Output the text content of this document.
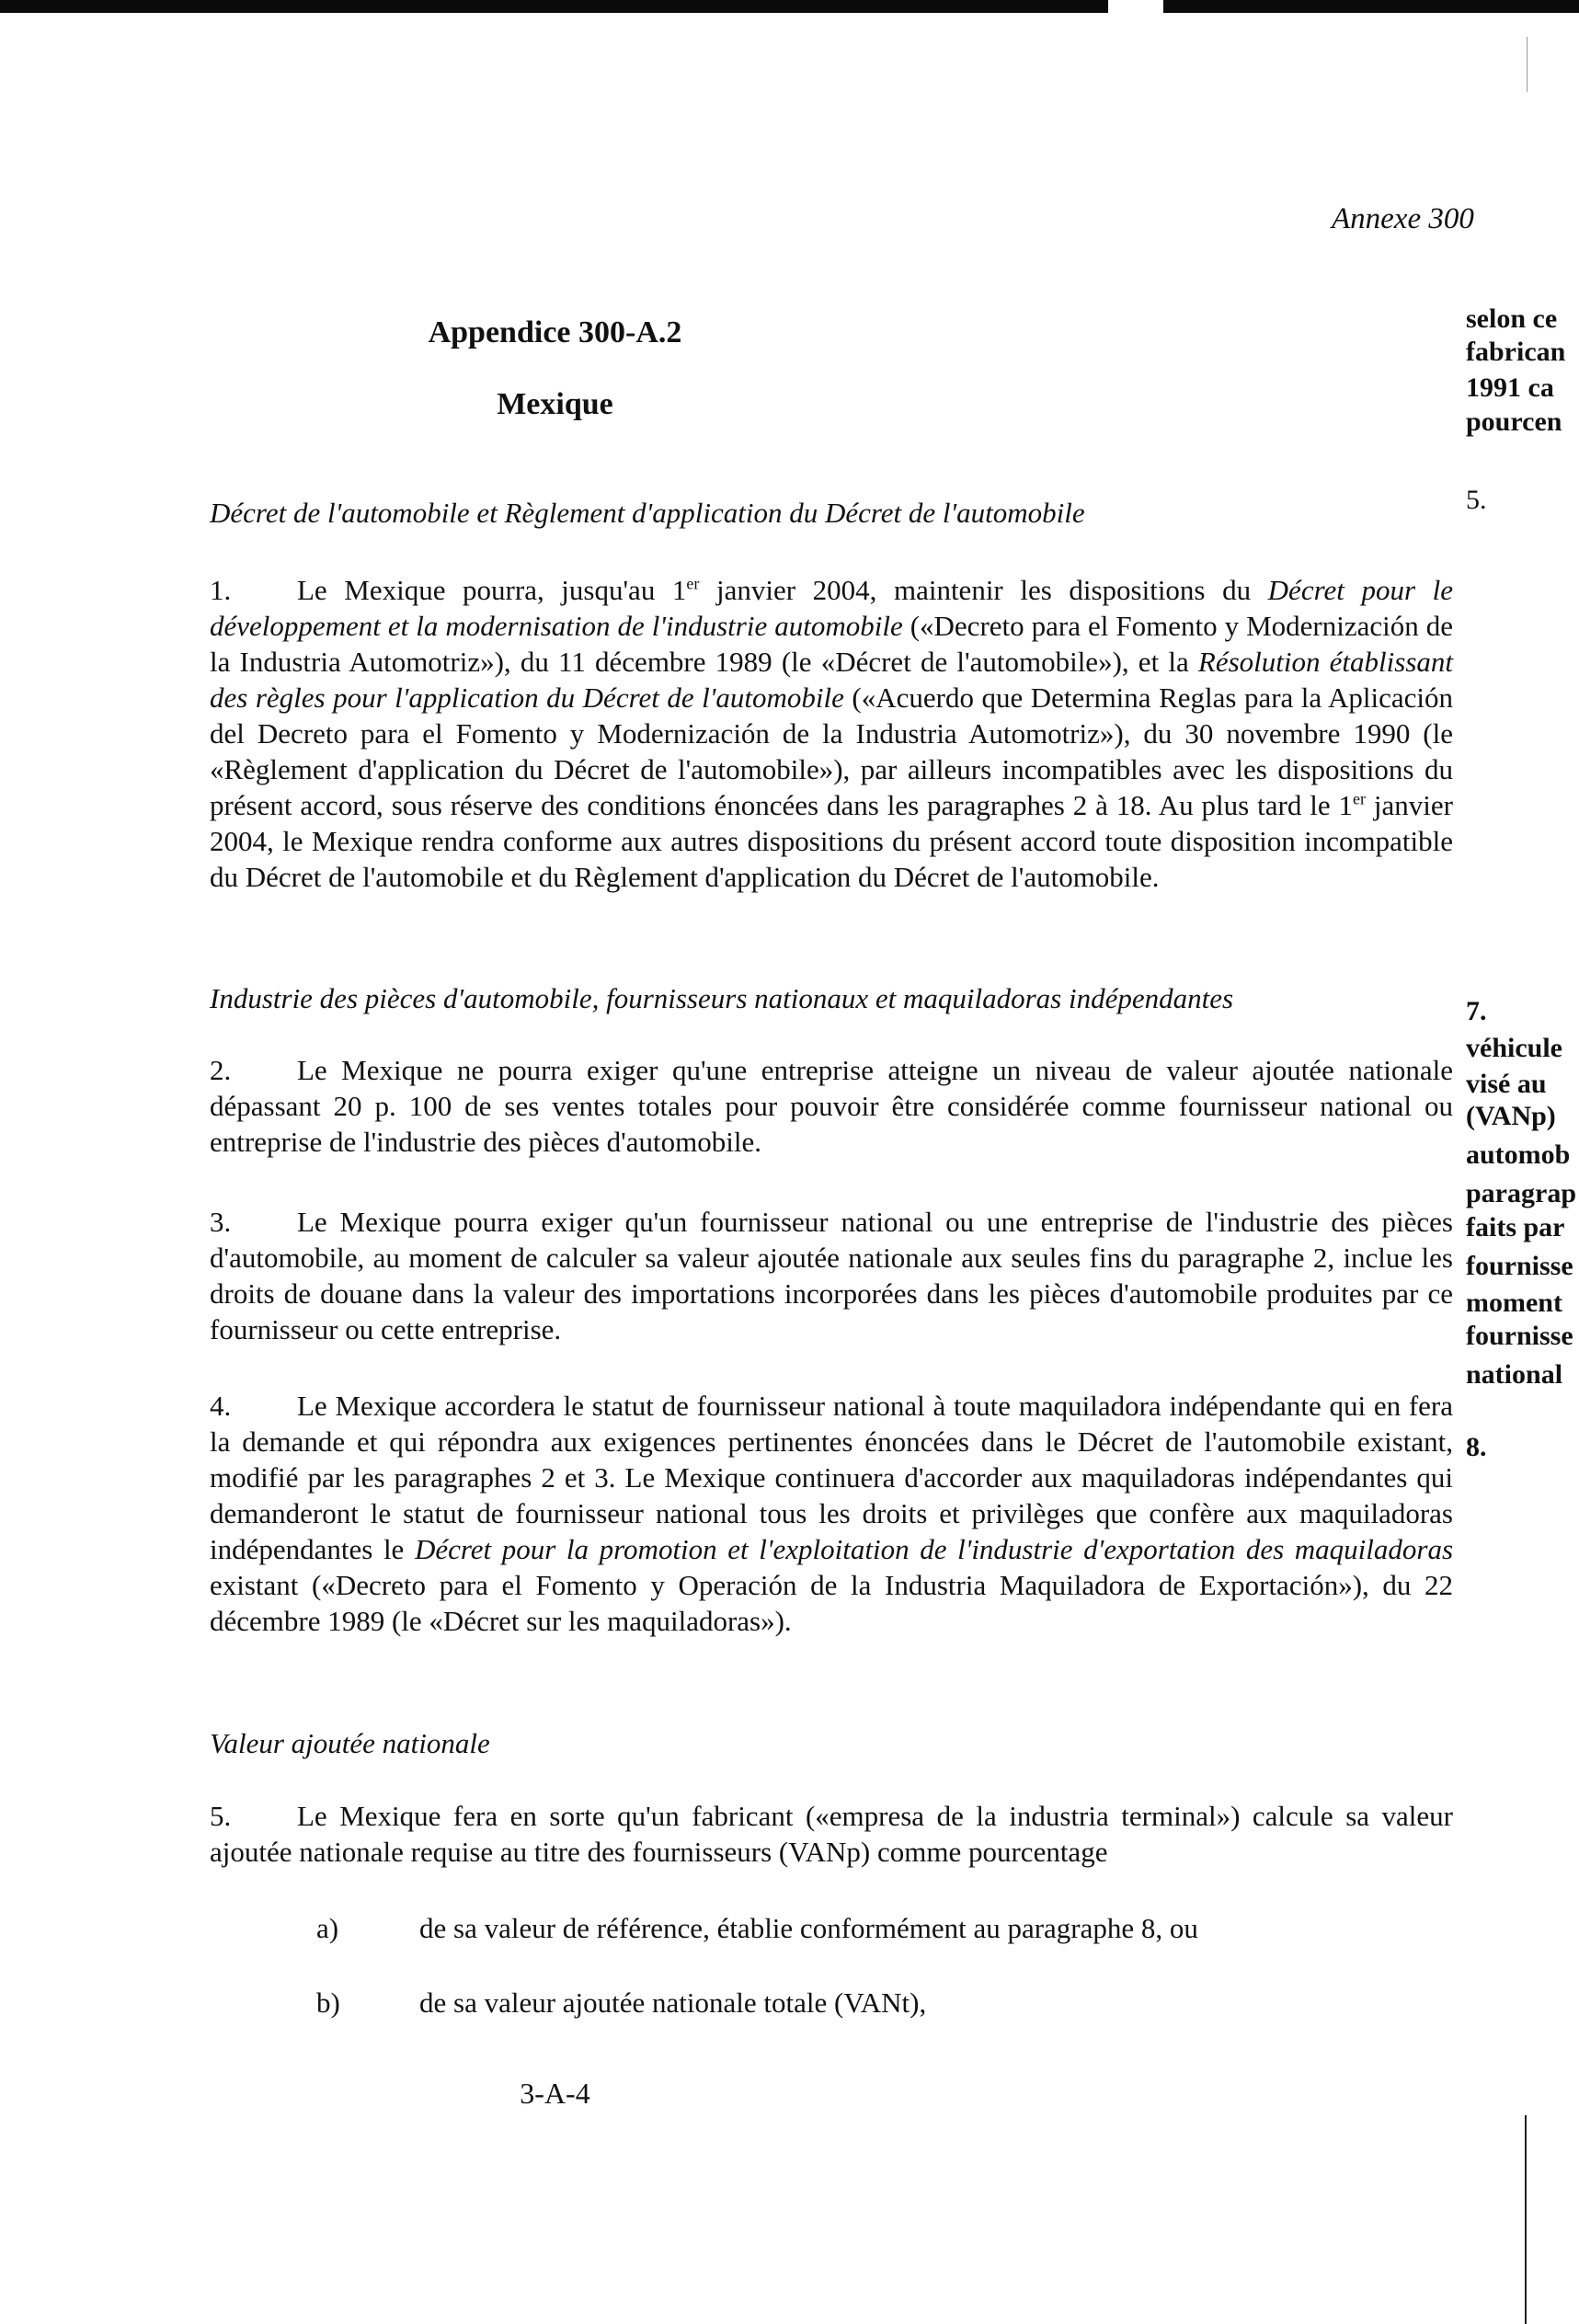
Annexe 300
Appendice 300-A.2
Mexique
Décret de l'automobile et Règlement d'application du Décret de l'automobile

1. Le Mexique pourra, jusqu'au 1er janvier 2004, maintenir les dispositions du Décret pour le développement et la modernisation de l'industrie automobile («Decreto para el Fomento y Modernización de la Industria Automotriz»), du 11 décembre 1989 (le «Décret de l'automobile»), et la Résolution établissant des règles pour l'application du Décret de l'automobile («Acuerdo que Determina Reglas para la Aplicación del Decreto para el Fomento y Modernización de la Industria Automotriz»), du 30 novembre 1990 (le «Règlement d'application du Décret de l'automobile»), par ailleurs incompatibles avec les dispositions du présent accord, sous réserve des conditions énoncées dans les paragraphes 2 à 18. Au plus tard le 1er janvier 2004, le Mexique rendra conforme aux autres dispositions du présent accord toute disposition incompatible du Décret de l'automobile et du Règlement d'application du Décret de l'automobile.

Industrie des pièces d'automobile, fournisseurs nationaux et maquiladoras indépendantes

2. Le Mexique ne pourra exiger qu'une entreprise atteigne un niveau de valeur ajoutée nationale dépassant 20 p. 100 de ses ventes totales pour pouvoir être considérée comme fournisseur national ou entreprise de l'industrie des pièces d'automobile.

3. Le Mexique pourra exiger qu'un fournisseur national ou une entreprise de l'industrie des pièces d'automobile, au moment de calculer sa valeur ajoutée nationale aux seules fins du paragraphe 2, inclue les droits de douane dans la valeur des importations incorporées dans les pièces d'automobile produites par ce fournisseur ou cette entreprise.

4. Le Mexique accordera le statut de fournisseur national à toute maquiladora indépendante qui en fera la demande et qui répondra aux exigences pertinentes énoncées dans le Décret de l'automobile existant, modifié par les paragraphes 2 et 3. Le Mexique continuera d'accorder aux maquiladoras indépendantes qui demanderont le statut de fournisseur national tous les droits et privilèges que confère aux maquiladoras indépendantes le Décret pour la promotion et l'exploitation de l'industrie d'exportation des maquiladoras existant («Decreto para el Fomento y Operación de la Industria Maquiladora de Exportación»), du 22 décembre 1989 (le «Décret sur les maquiladoras»).

Valeur ajoutée nationale

5. Le Mexique fera en sorte qu'un fabricant («empresa de la industria terminal») calcule sa valeur ajoutée nationale requise au titre des fournisseurs (VANp) comme pourcentage

a)	de sa valeur de référence, établie conformément au paragraphe 8, ou
b)	de sa valeur ajoutée nationale totale (VANt),
3-A-4
selon ce
fabrican
1991 ca
pourcen
5.
7.
véhicule
visé au
(VANp)
automob
paragrap
faits par
fournisse
moment
fournisse
national
8.
